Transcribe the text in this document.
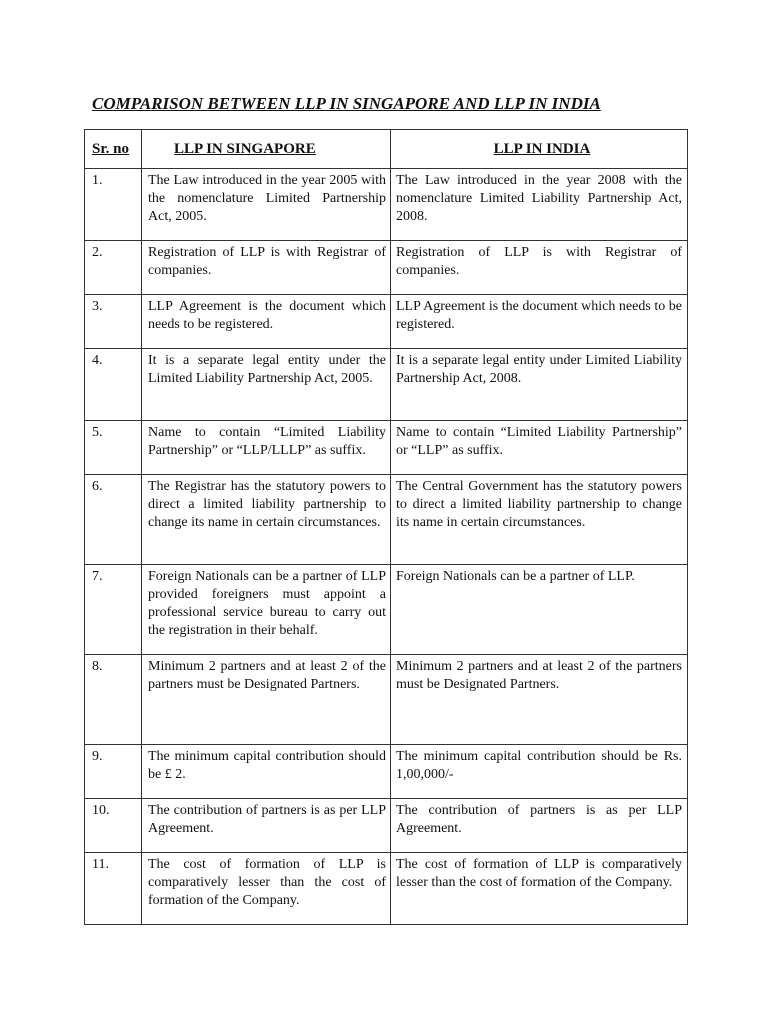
COMPARISON BETWEEN LLP IN SINGAPORE AND LLP IN INDIA
Sr. no	LLP IN SINGAPORE	LLP IN INDIA
1.	The Law introduced in the year 2005 with the nomenclature Limited Partnership Act, 2005.	The Law introduced in the year 2008 with the nomenclature Limited Liability Partnership Act, 2008.
2.	Registration of LLP is with Registrar of companies.	Registration of LLP is with Registrar of companies.
3.	LLP Agreement is the document which needs to be registered.	LLP Agreement is the document which needs to be registered.
4.	It is a separate legal entity under the Limited Liability Partnership Act, 2005.	It is a separate legal entity under Limited Liability Partnership Act, 2008.
5.	Name to contain “Limited Liability Partnership” or “LLP/LLLP” as suffix.	Name to contain “Limited Liability Partnership” or “LLP” as suffix.
6.	The Registrar has the statutory powers to direct a limited liability partnership to change its name in certain circumstances.	The Central Government has the statutory powers to direct a limited liability partnership to change its name in certain circumstances.
7.	Foreign Nationals can be a partner of LLP provided foreigners must appoint a professional service bureau to carry out the registration in their behalf.	Foreign Nationals can be a partner of LLP.
8.	Minimum 2 partners and at least 2 of the partners must be Designated Partners.	Minimum 2 partners and at least 2 of the partners must be Designated Partners.
9.	The minimum capital contribution should be £ 2.	The minimum capital contribution should be Rs. 1,00,000/-
10.	The contribution of partners is as per LLP Agreement.	The contribution of partners is as per LLP Agreement.
11.	The cost of formation of LLP is comparatively lesser than the cost of formation of the Company.	The cost of formation of LLP is comparatively lesser than the cost of formation of the Company.
